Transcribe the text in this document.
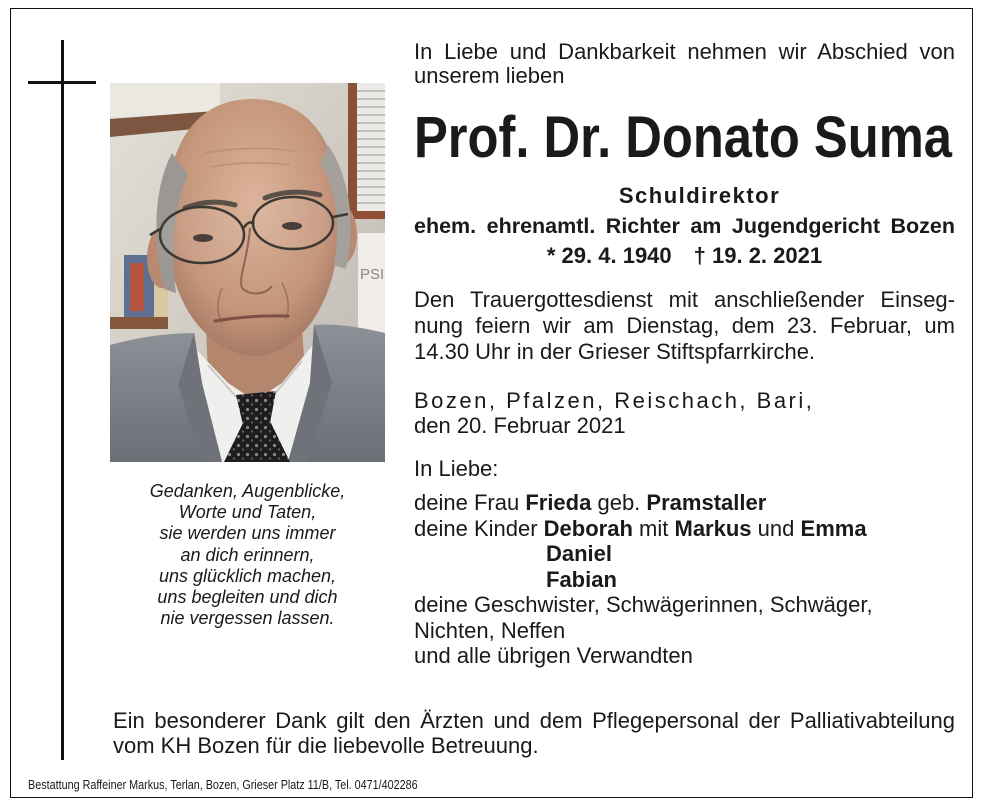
PSI
Gedanken, Augenblicke,
Worte und Taten,
sie werden uns immer
an dich erinnern,
uns glücklich machen,
uns begleiten und dich
nie vergessen lassen.
In Liebe und Dankbarkeit nehmen wir Abschied von
unserem lieben
Prof. Dr. Donato Suma
Schuldirektor
ehem. ehrenamtl. Richter am Jugendgericht Bozen
* 29. 4. 1940 † 19. 2. 2021
Den Trauergottesdienst mit anschließender Einseg-
nung feiern wir am Dienstag, dem 23. Februar, um
14.30 Uhr in der Grieser Stiftspfarrkirche.
Bozen, Pfalzen, Reischach, Bari,
den 20. Februar 2021
In Liebe:
deine Frau Frieda geb. Pramstaller
deine Kinder Deborah mit Markus und Emma
Daniel
Fabian
deine Geschwister, Schwägerinnen, Schwäger,
Nichten, Neffen
und alle übrigen Verwandten
Ein besonderer Dank gilt den Ärzten und dem Pflegepersonal der Palliativabteilung
vom KH Bozen für die liebevolle Betreuung.
Bestattung Raffeiner Markus, Terlan, Bozen, Grieser Platz 11/B, Tel. 0471/402286
